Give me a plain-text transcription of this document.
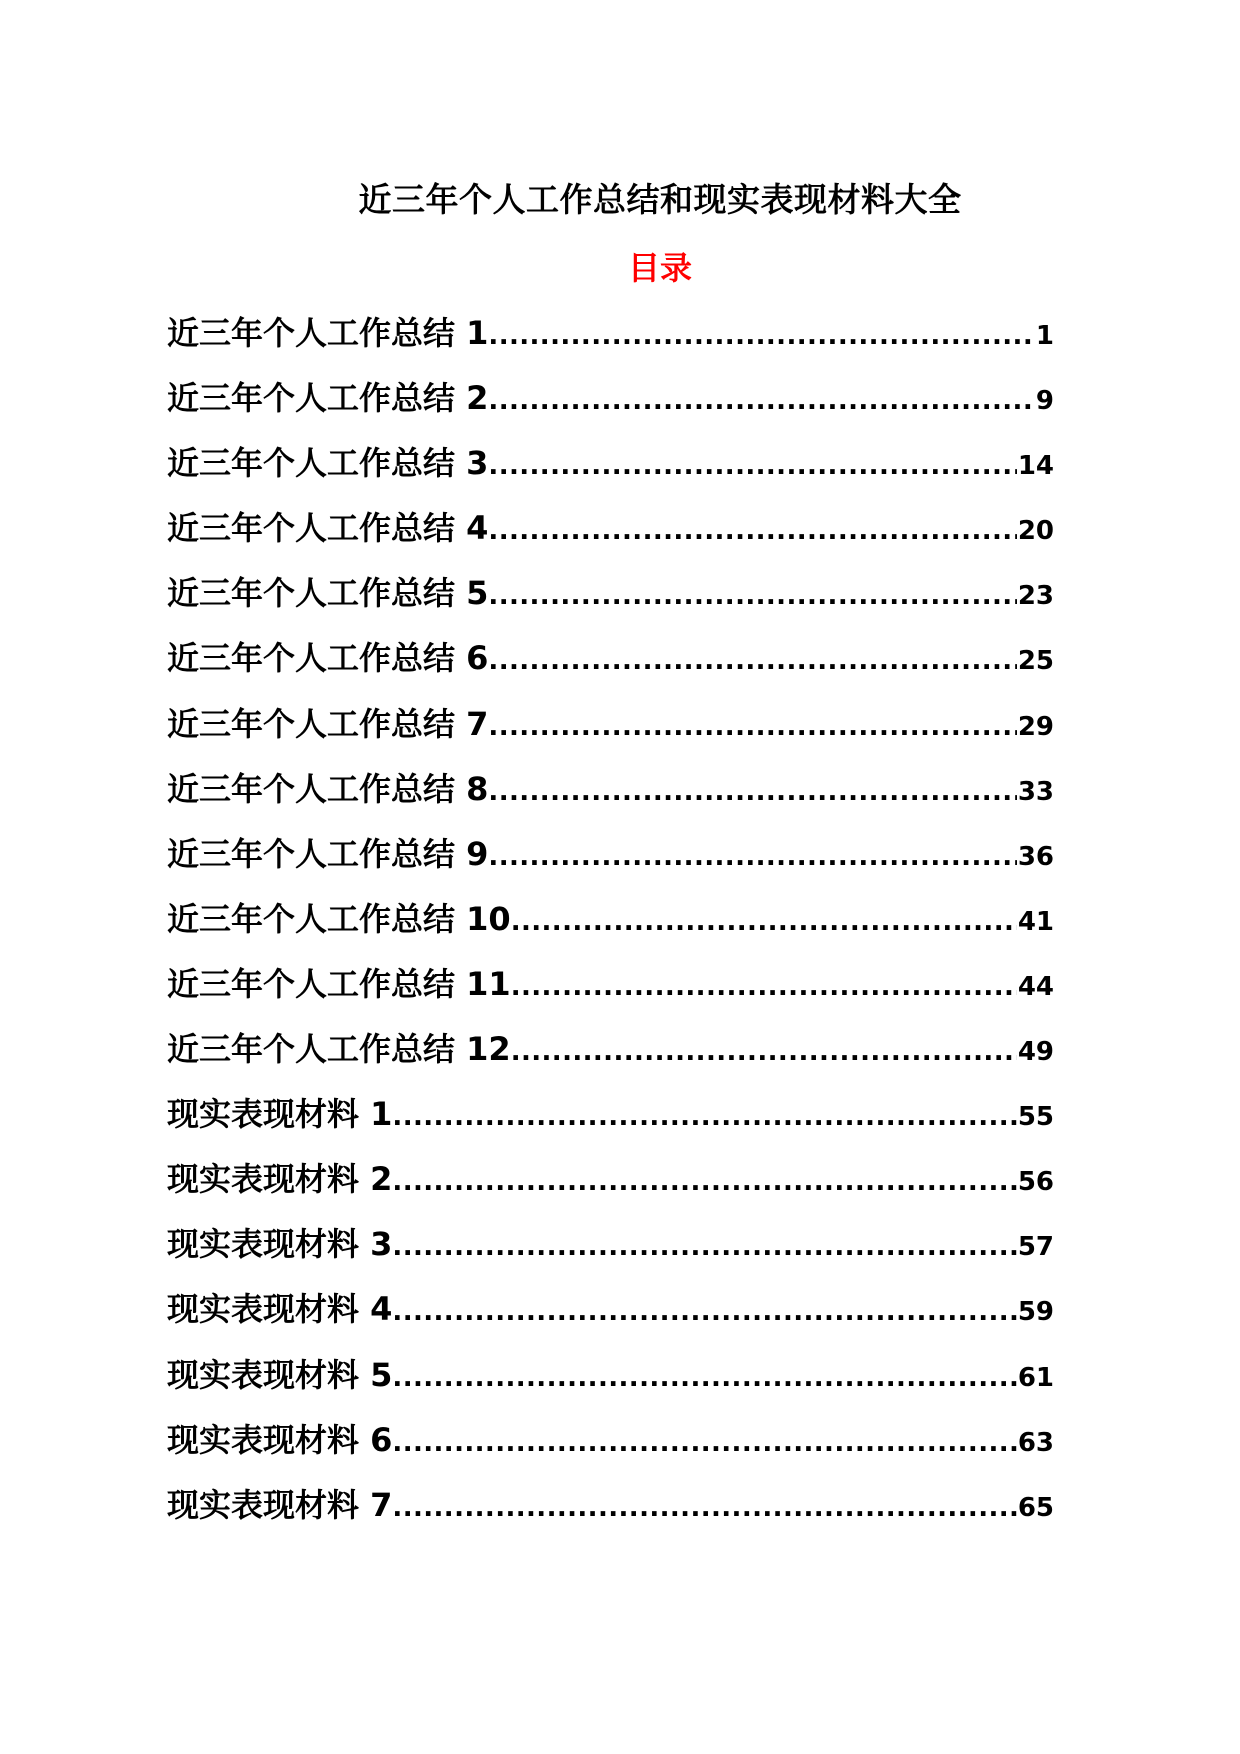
近三年个人工作总结和现实表现材料大全
目录
近三年个人工作总结 1 .....	1
近三年个人工作总结 2 .....	9
近三年个人工作总结 3 .....	14
近三年个人工作总结 4 .....	20
近三年个人工作总结 5 .....	23
近三年个人工作总结 6 .....	25
近三年个人工作总结 7 .....	29
近三年个人工作总结 8 .....	33
近三年个人工作总结 9 .....	36
近三年个人工作总结 10 .....	41
近三年个人工作总结 11 .....	44
近三年个人工作总结 12 .....	49
现实表现材料 1 .....	55
现实表现材料 2 .....	56
现实表现材料 3 .....	57
现实表现材料 4 .....	59
现实表现材料 5 .....	61
现实表现材料 6 .....	63
现实表现材料 7 .....	65
